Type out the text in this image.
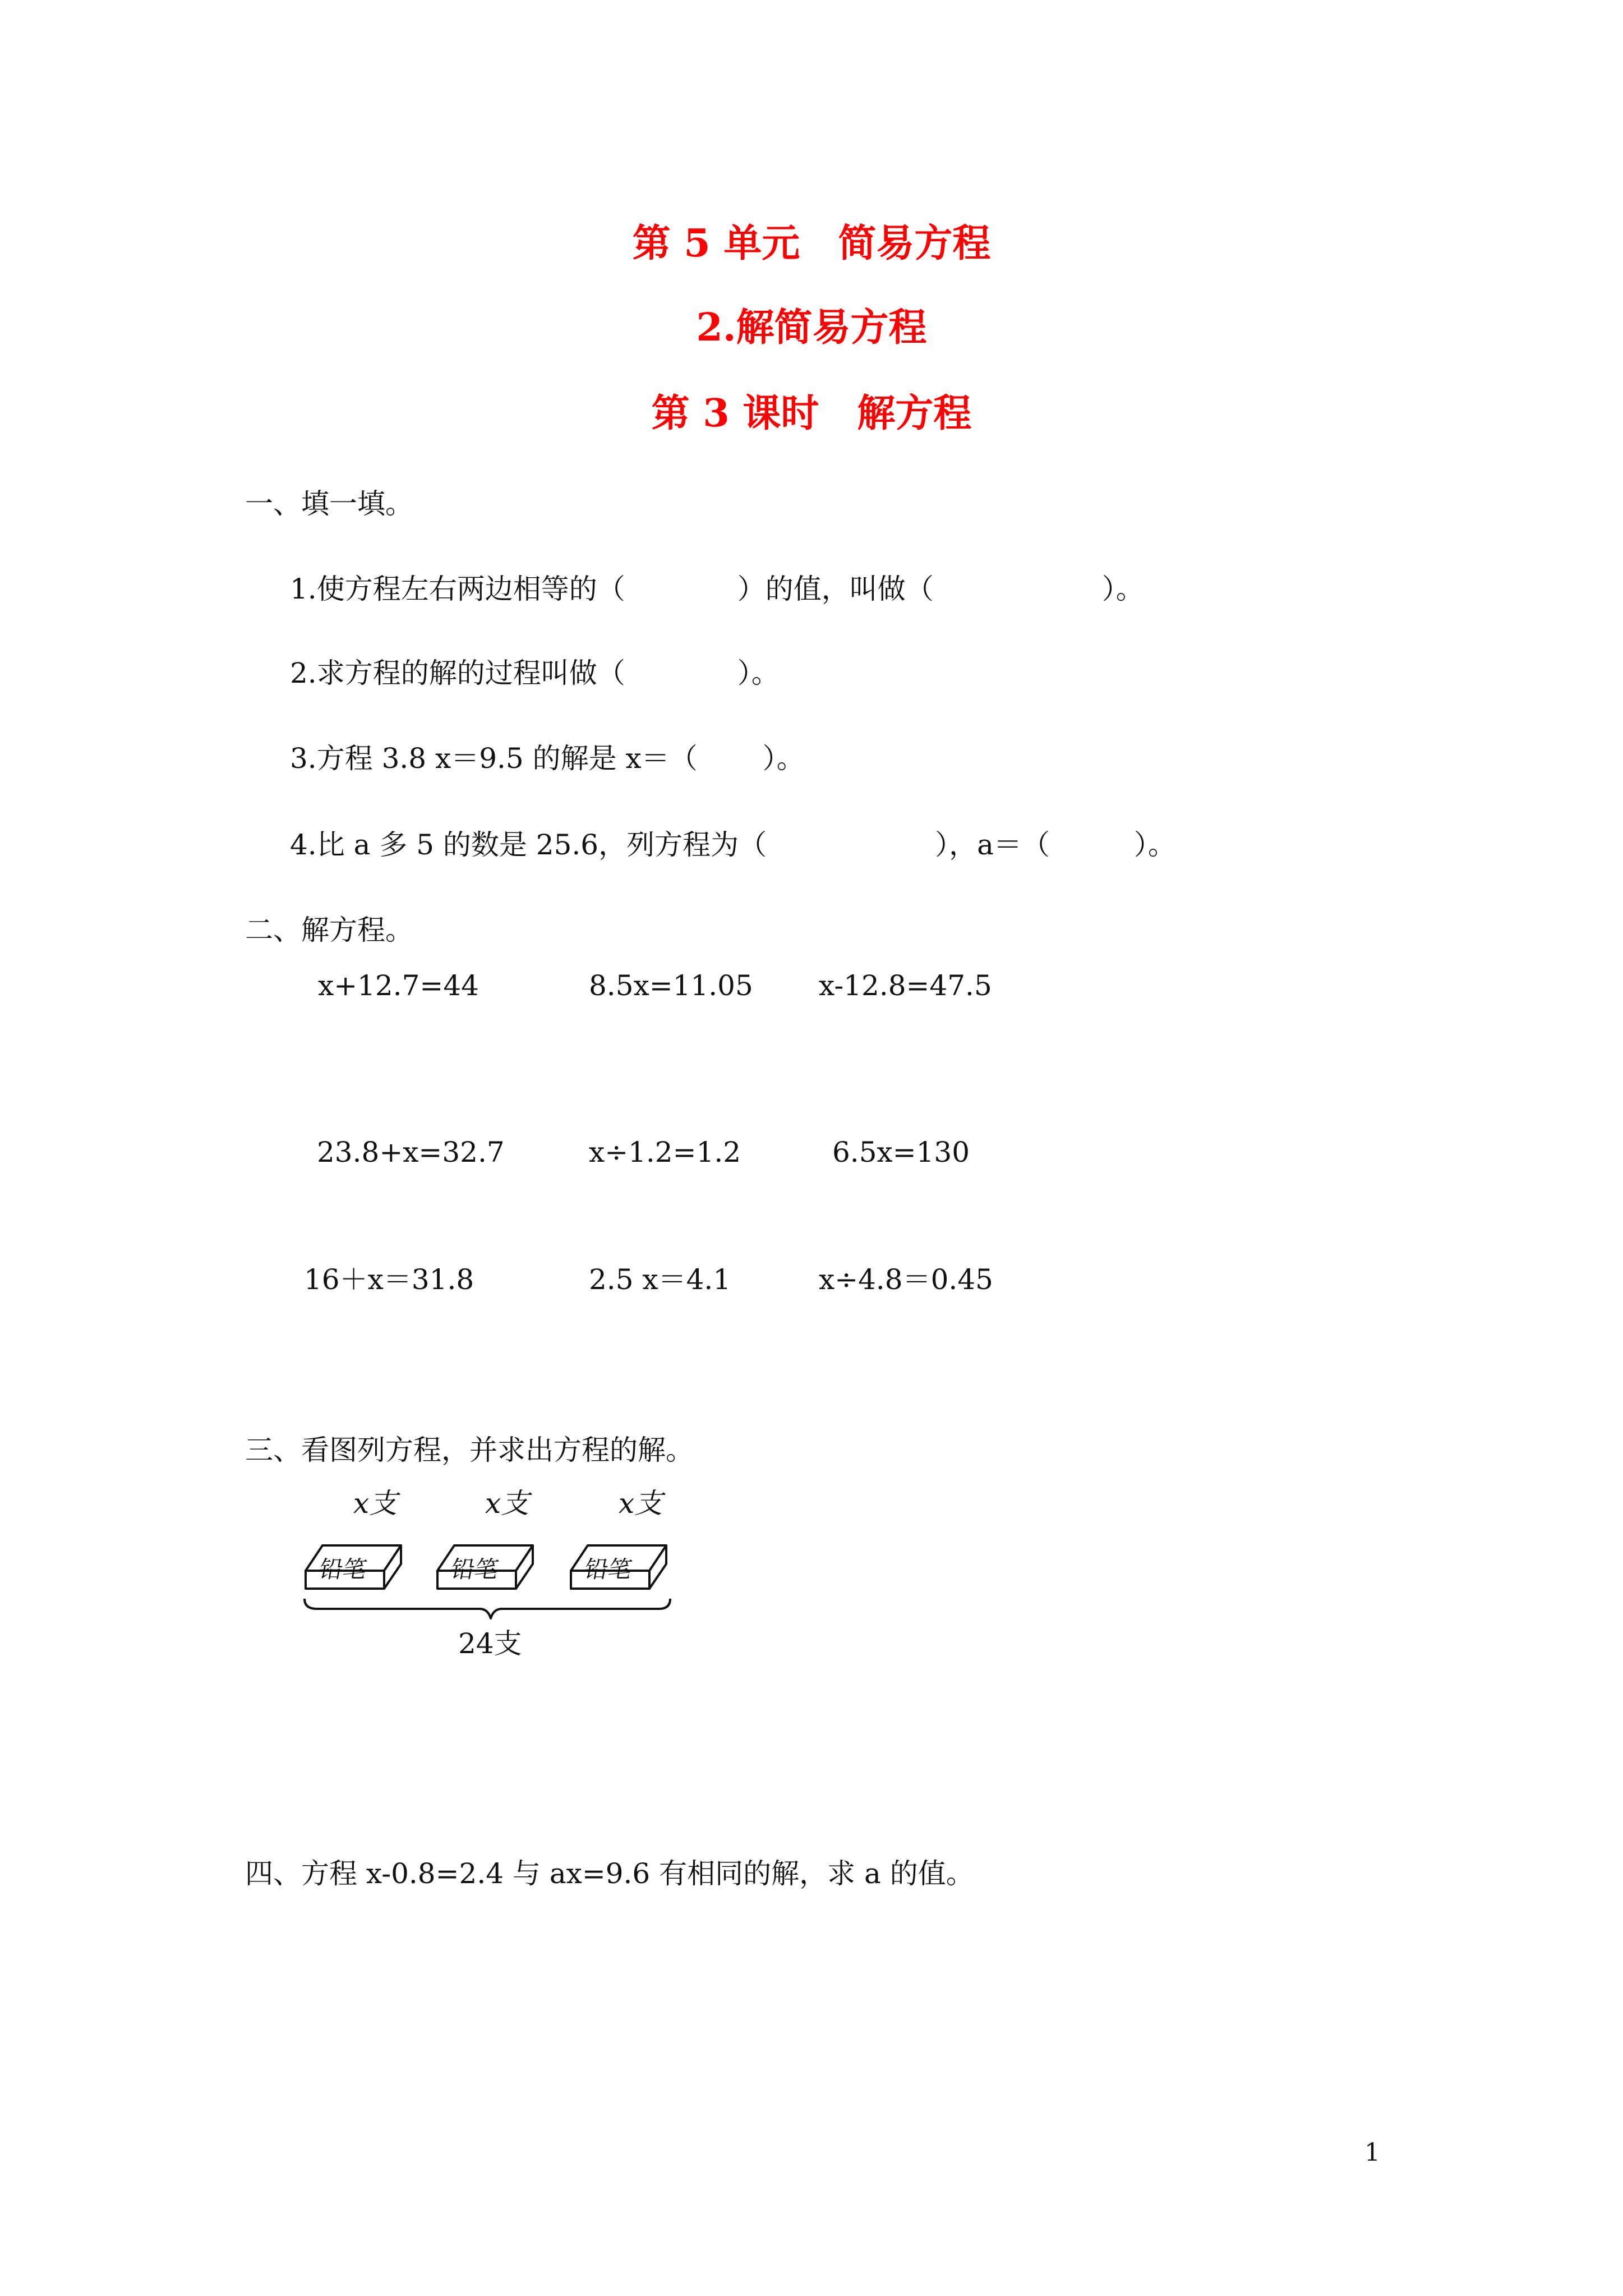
第 5 单元　简易方程
2.解简易方程
第 3 课时　解方程
一、填一填。
1.使方程左右两边相等的（　　　　）的值，叫做（　　　　　　）。
2.求方程的解的过程叫做（　　　　）。
3.方程 3.8 x＝9.5 的解是 x＝（　　 ）。
4.比 a 多 5 的数是 25.6，列方程为（　　　　　　），a＝（　　　）。
二、解方程。
x+12.7=44	8.5x=11.05 x-12.8=47.5
23.8+x=32.7	x÷1.2=1.2	6.5x=130
16＋x＝31.8	2.5 x＝4.1	x÷4.8＝0.45
三、看图列方程，并求出方程的解。

x支

	x支

	x支

铅笔

	铅笔

	铅笔

24支

四、方程 x-0.8=2.4 与 ax=9.6 有相同的解，求 a 的值。
1
